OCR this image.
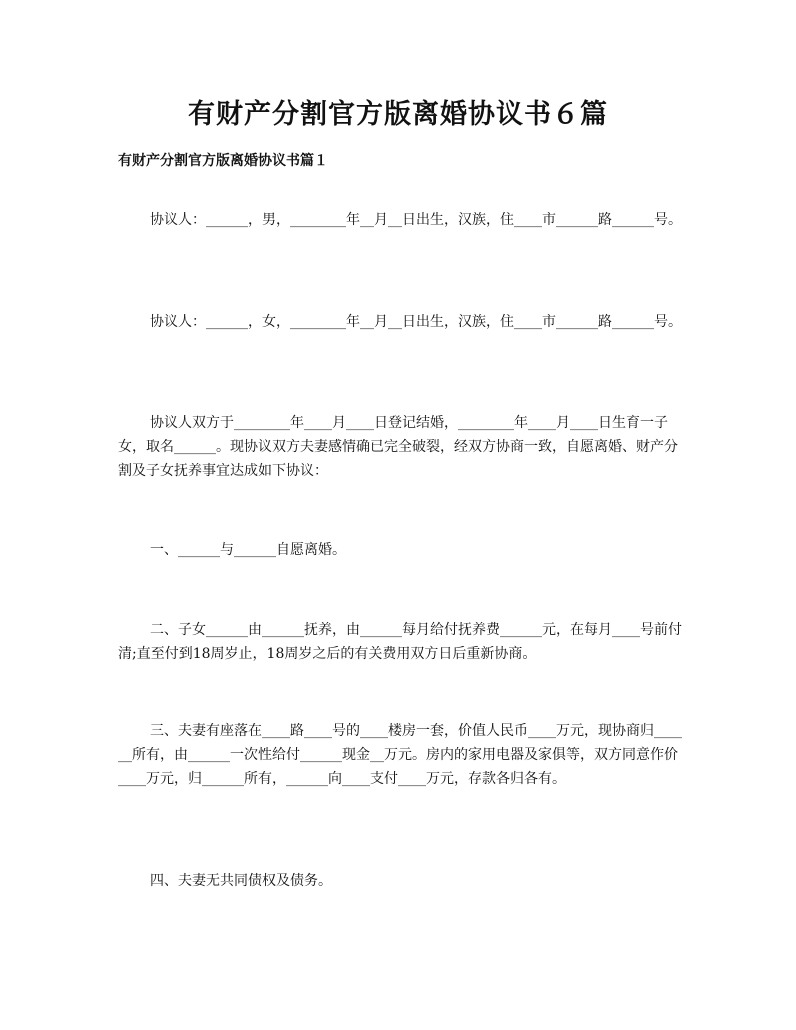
有财产分割官方版离婚协议书６篇
有财产分割官方版离婚协议书篇１
协议人：______，男，________年__月__日出生，汉族，住____市______路______号。
协议人：______，女，________年__月__日出生，汉族，住____市______路______号。
协议人双方于________年____月____日登记结婚，________年____月____日生育一子女，取名______。现协议双方夫妻感情确已完全破裂，经双方协商一致，自愿离婚、财产分割及子女抚养事宜达成如下协议：
一、______与______自愿离婚。
二、子女______由______抚养，由______每月给付抚养费______元，在每月____号前付清;直至付到18周岁止，18周岁之后的有关费用双方日后重新协商。
三、夫妻有座落在____路____号的____楼房一套，价值人民币____万元，现协商归______所有，由______一次性给付______现金__万元。房内的家用电器及家俱等，双方同意作价____万元，归______所有，______向____支付____万元，存款各归各有。
四、夫妻无共同债权及债务。
